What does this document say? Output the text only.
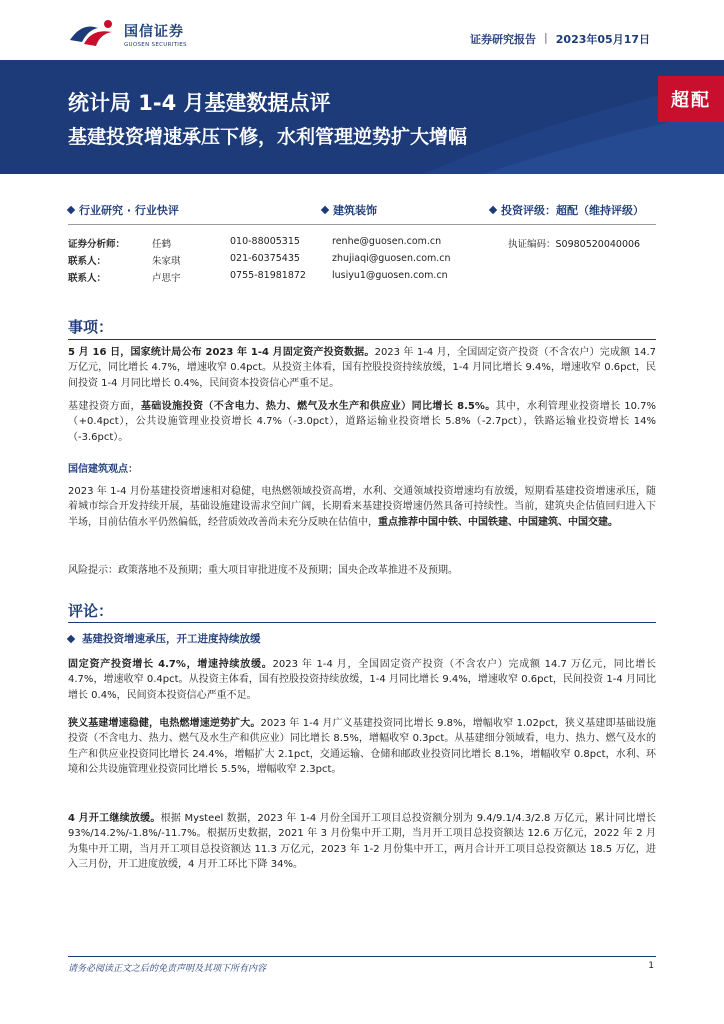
国信证券
GUOSEN SECURITIES	证券研究报告 | 2023年05月17日
统计局 1-4 月基建数据点评
基建投资增速承压下修，水利管理逆势扩大增幅
超配
行业研究 · 行业快评	建筑装饰	投资评级：超配（维持评级）
证券分析师：	任鹤	010-88005315	renhe@guosen.com.cn	执证编码：S0980520040006
联系人：	朱家琪	021-60375435	zhujiaqi@guosen.com.cn
联系人：	卢思宇	0755-81981872	lusiyu1@guosen.com.cn
事项：
5 月 16 日，国家统计局公布 2023 年 1-4 月固定资产投资数据。2023 年 1-4 月，全国固定资产投资（不含农户）完成额 14.7 万亿元，同比增长 4.7%，增速收窄 0.4pct。从投资主体看，国有控股投资持续放缓，1-4 月同比增长 9.4%，增速收窄 0.6pct，民间投资 1-4 月同比增长 0.4%，民间资本投资信心严重不足。
基建投资方面，基础设施投资（不含电力、热力、燃气及水生产和供应业）同比增长 8.5%。其中，水利管理业投资增长 10.7%（+0.4pct），公共设施管理业投资增长 4.7%（-3.0pct），道路运输业投资增长 5.8%（-2.7pct），铁路运输业投资增长 14%（-3.6pct）。
国信建筑观点：
2023 年 1-4 月份基建投资增速相对稳健，电热燃领域投资高增，水利、交通领域投资增速均有放缓，短期看基建投资增速承压，随着城市综合开发持续开展，基础设施建设需求空间广阔，长期看来基建投资增速仍然具备可持续性。当前，建筑央企估值回归进入下半场，目前估值水平仍然偏低，经营质效改善尚未充分反映在估值中，重点推荐中国中铁、中国铁建、中国建筑、中国交建。
风险提示：政策落地不及预期；重大项目审批进度不及预期；国央企改革推进不及预期。
评论：
基建投资增速承压，开工进度持续放缓
固定资产投资增长 4.7%，增速持续放缓。2023 年 1-4 月，全国固定资产投资（不含农户）完成额 14.7 万亿元，同比增长 4.7%，增速收窄 0.4pct。从投资主体看，国有控股投资持续放缓，1-4 月同比增长 9.4%，增速收窄 0.6pct，民间投资 1-4 月同比增长 0.4%，民间资本投资信心严重不足。
狭义基建增速稳健，电热燃增速逆势扩大。2023 年 1-4 月广义基建投资同比增长 9.8%，增幅收窄 1.02pct，狭义基建即基础设施投资（不含电力、热力、燃气及水生产和供应业）同比增长 8.5%，增幅收窄 0.3pct。从基建细分领域看，电力、热力、燃气及水的生产和供应业投资同比增长 24.4%，增幅扩大 2.1pct，交通运输、仓储和邮政业投资同比增长 8.1%，增幅收窄 0.8pct，水利、环境和公共设施管理业投资同比增长 5.5%，增幅收窄 2.3pct。
4 月开工继续放缓。根据 Mysteel 数据，2023 年 1-4 月份全国开工项目总投资额分别为 9.4/9.1/4.3/2.8 万亿元，累计同比增长 93%/14.2%/-1.8%/-11.7%。根据历史数据，2021 年 3 月份集中开工期，当月开工项目总投资额达 12.6 万亿元，2022 年 2 月为集中开工期，当月开工项目总投资额达 11.3 万亿元，2023 年 1-2 月份集中开工，两月合计开工项目总投资额达 18.5 万亿，进入三月份，开工进度放缓，4 月开工环比下降 34%。
请务必阅读正文之后的免责声明及其项下所有内容	1
